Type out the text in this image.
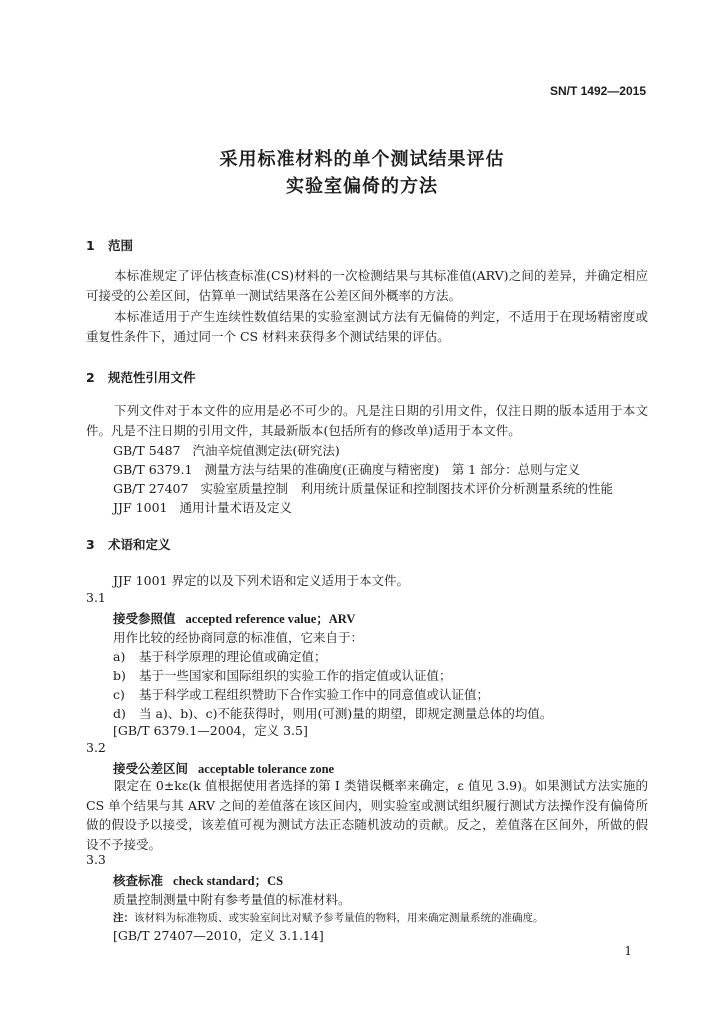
SN/T 1492—2015
采用标准材料的单个测试结果评估
实验室偏倚的方法
1 范围
本标准规定了评估核查标准(CS)材料的一次检测结果与其标准值(ARV)之间的差异，并确定相应可接受的公差区间，估算单一测试结果落在公差区间外概率的方法。
本标准适用于产生连续性数值结果的实验室测试方法有无偏倚的判定，不适用于在现场精密度或重复性条件下，通过同一个 CS 材料来获得多个测试结果的评估。
2 规范性引用文件
下列文件对于本文件的应用是必不可少的。凡是注日期的引用文件，仅注日期的版本适用于本文件。凡是不注日期的引用文件，其最新版本(包括所有的修改单)适用于本文件。
GB/T 5487 汽油辛烷值测定法(研究法)
GB/T 6379.1 测量方法与结果的准确度(正确度与精密度)　第 1 部分：总则与定义
GB/T 27407 实验室质量控制　利用统计质量保证和控制图技术评价分析测量系统的性能
JJF 1001 通用计量术语及定义
3 术语和定义
JJF 1001 界定的以及下列术语和定义适用于本文件。
3.1
接受参照值 accepted reference value；ARV
用作比较的经协商同意的标准值，它来自于：
a) 基于科学原理的理论值或确定值；
b) 基于一些国家和国际组织的实验工作的指定值或认证值；
c) 基于科学或工程组织赞助下合作实验工作中的同意值或认证值；
d) 当 a)、b)、c)不能获得时，则用(可测)量的期望，即规定测量总体的均值。
[GB/T 6379.1—2004，定义 3.5]
3.2
接受公差区间 acceptable tolerance zone
限定在 0±kε(k 值根据使用者选择的第 Ⅰ 类错误概率来确定，ε 值见 3.9)。如果测试方法实施的 CS 单个结果与其 ARV 之间的差值落在该区间内，则实验室或测试组织履行测试方法操作没有偏倚所做的假设予以接受，该差值可视为测试方法正态随机波动的贡献。反之，差值落在区间外，所做的假设不予接受。
3.3
核查标准 check standard；CS
质量控制测量中附有参考量值的标准材料。
注：该材料为标准物质、或实验室间比对赋予参考量值的物料，用来确定测量系统的准确度。
[GB/T 27407—2010，定义 3.1.14]
1
